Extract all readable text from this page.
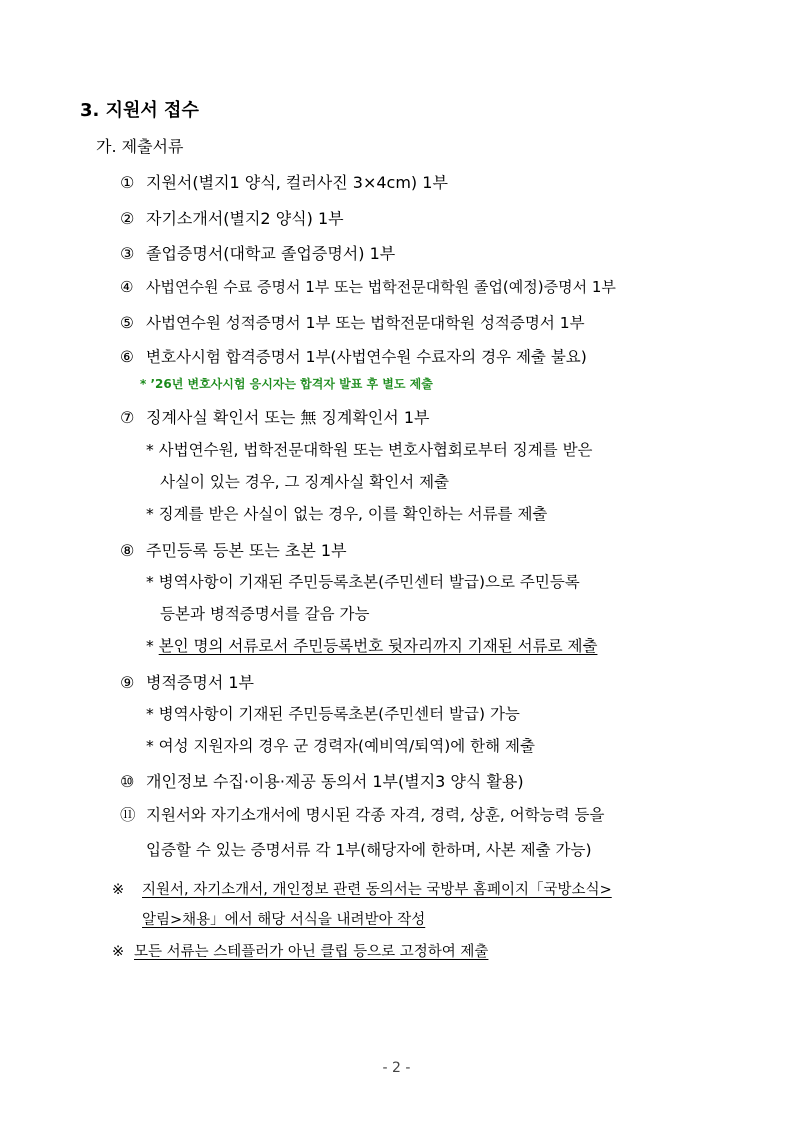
3. 지원서 접수
가. 제출서류
① 지원서(별지1 양식, 컬러사진 3×4cm) 1부
② 자기소개서(별지2 양식) 1부
③ 졸업증명서(대학교 졸업증명서) 1부
④ 사법연수원 수료 증명서 1부 또는 법학전문대학원 졸업(예정)증명서 1부
⑤ 사법연수원 성적증명서 1부 또는 법학전문대학원 성적증명서 1부
⑥ 변호사시험 합격증명서 1부(사법연수원 수료자의 경우 제출 불요)
* ’26년 변호사시험 응시자는 합격자 발표 후 별도 제출
⑦ 징계사실 확인서 또는 無 징계확인서 1부
* 사법연수원, 법학전문대학원 또는 변호사협회로부터 징계를 받은
사실이 있는 경우, 그 징계사실 확인서 제출
* 징계를 받은 사실이 없는 경우, 이를 확인하는 서류를 제출
⑧ 주민등록 등본 또는 초본 1부
* 병역사항이 기재된 주민등록초본(주민센터 발급)으로 주민등록
등본과 병적증명서를 갈음 가능
* 본인 명의 서류로서 주민등록번호 뒷자리까지 기재된 서류로 제출
⑨ 병적증명서 1부
* 병역사항이 기재된 주민등록초본(주민센터 발급) 가능
* 여성 지원자의 경우 군 경력자(예비역/퇴역)에 한해 제출
⑩ 개인정보 수집·이용·제공 동의서 1부(별지3 양식 활용)
⑪ 지원서와 자기소개서에 명시된 각종 자격, 경력, 상훈, 어학능력 등을
입증할 수 있는 증명서류 각 1부(해당자에 한하며, 사본 제출 가능)
※ 지원서, 자기소개서, 개인정보 관련 동의서는 국방부 홈페이지「국방소식>
알림>채용」에서 해당 서식을 내려받아 작성
※ 모든 서류는 스테플러가 아닌 클립 등으로 고정하여 제출
- 2 -
